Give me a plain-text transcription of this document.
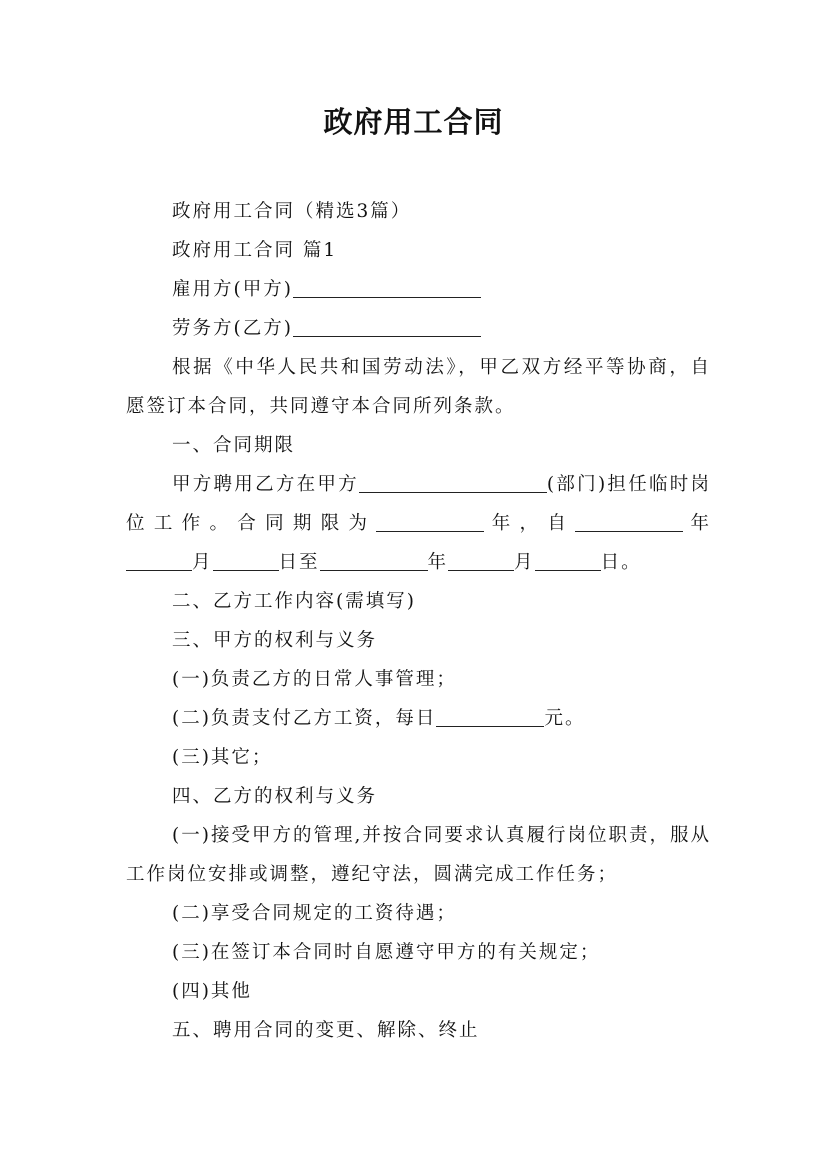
政府用工合同

政府用工合同（精选3篇）

政府用工合同 篇1

雇用方(甲方)

劳务方(乙方)

根据《中华人民共和国劳动法》，甲乙双方经平等协商，自愿签订本合同，共同遵守本合同所列条款。

一、合同期限

甲方聘用乙方在甲方	(部门)担任临时岗位工作。合同期限为	年，自	年月	日至	年	月	日。

二、乙方工作内容(需填写)

三、甲方的权利与义务

(一)负责乙方的日常人事管理；

(二)负责支付乙方工资，每日	元。

(三)其它；

四、乙方的权利与义务

(一)接受甲方的管理,并按合同要求认真履行岗位职责，服从工作岗位安排或调整，遵纪守法，圆满完成工作任务；

(二)享受合同规定的工资待遇；

(三)在签订本合同时自愿遵守甲方的有关规定；

(四)其他

五、聘用合同的变更、解除、终止
